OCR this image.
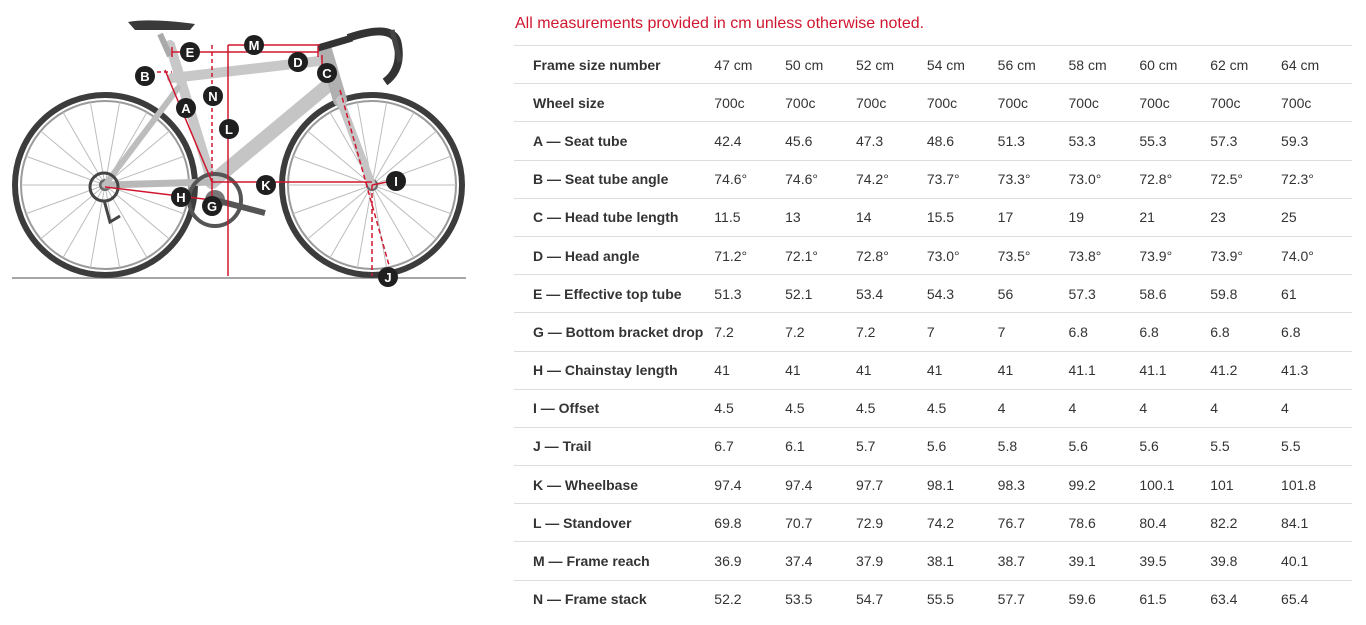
A
B	C
D
E
G
H
I
J
K
L
M
N
All measurements provided in cm unless otherwise noted.
Frame size number	47 cm	50 cm	52 cm	54 cm	56 cm	58 cm	60 cm	62 cm	64 cm
Wheel size	700c	700c	700c	700c	700c	700c	700c	700c	700c
A — Seat tube	42.4	45.6	47.3	48.6	51.3	53.3	55.3	57.3	59.3
B — Seat tube angle	74.6°	74.6°	74.2°	73.7°	73.3°	73.0°	72.8°	72.5°	72.3°
C — Head tube length	11.5	13	14	15.5	17	19	21	23	25
D — Head angle	71.2°	72.1°	72.8°	73.0°	73.5°	73.8°	73.9°	73.9°	74.0°
E — Effective top tube	51.3	52.1	53.4	54.3	56	57.3	58.6	59.8	61
G — Bottom bracket drop	7.2	7.2	7.2	7	7	6.8	6.8	6.8	6.8
H — Chainstay length	41	41	41	41	41	41.1	41.1	41.2	41.3
I — Offset	4.5	4.5	4.5	4.5	4	4	4	4	4
J — Trail	6.7	6.1	5.7	5.6	5.8	5.6	5.6	5.5	5.5
K — Wheelbase	97.4	97.4	97.7	98.1	98.3	99.2	100.1	101	101.8
L — Standover	69.8	70.7	72.9	74.2	76.7	78.6	80.4	82.2	84.1
M — Frame reach	36.9	37.4	37.9	38.1	38.7	39.1	39.5	39.8	40.1
N — Frame stack	52.2	53.5	54.7	55.5	57.7	59.6	61.5	63.4	65.4
